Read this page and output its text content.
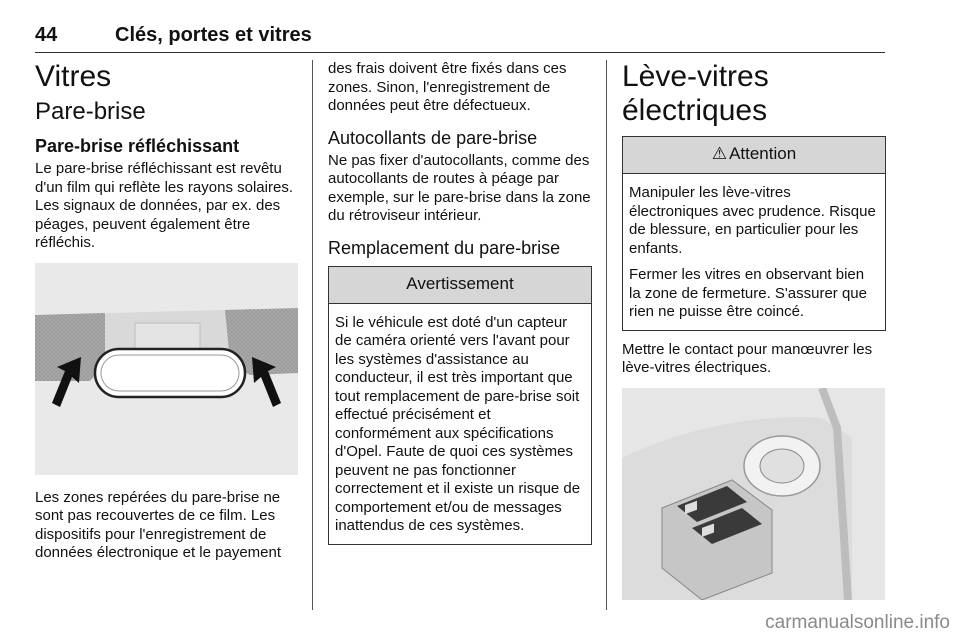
44	Clés, portes et vitres
Vitres
Pare-brise
Pare-brise réfléchissant

Le pare-brise réfléchissant est revêtu d'un film qui reflète les rayons solaires. Les signaux de données, par ex. des péages, peuvent également être réfléchis.

Les zones repérées du pare-brise ne sont pas recouvertes de ce film. Les dispositifs pour l'enregistrement de données électronique et le payement

des frais doivent être fixés dans ces zones. Sinon, l'enregistrement de données peut être défectueux.

Autocollants de pare-brise

Ne pas fixer d'autocollants, comme des autocollants de routes à péage par exemple, sur le pare-brise dans la zone du rétroviseur intérieur.

Remplacement du pare-brise
Avertissement

Si le véhicule est doté d'un capteur de caméra orienté vers l'avant pour les systèmes d'assistance au conducteur, il est très important que tout remplacement de pare-brise soit effectué précisément et conformément aux spécifications d'Opel. Faute de quoi ces systèmes peuvent ne pas fonctionner correctement et il existe un risque de comportement et/ou de messages inattendus de ces systèmes.

Lève-vitres électriques
⚠ Attention

Manipuler les lève-vitres électroniques avec prudence. Risque de blessure, en particulier pour les enfants.

Fermer les vitres en observant bien la zone de fermeture. S'assurer que rien ne puisse être coincé.

Mettre le contact pour manœuvrer les lève-vitres électriques.

carmanualsonline.info
